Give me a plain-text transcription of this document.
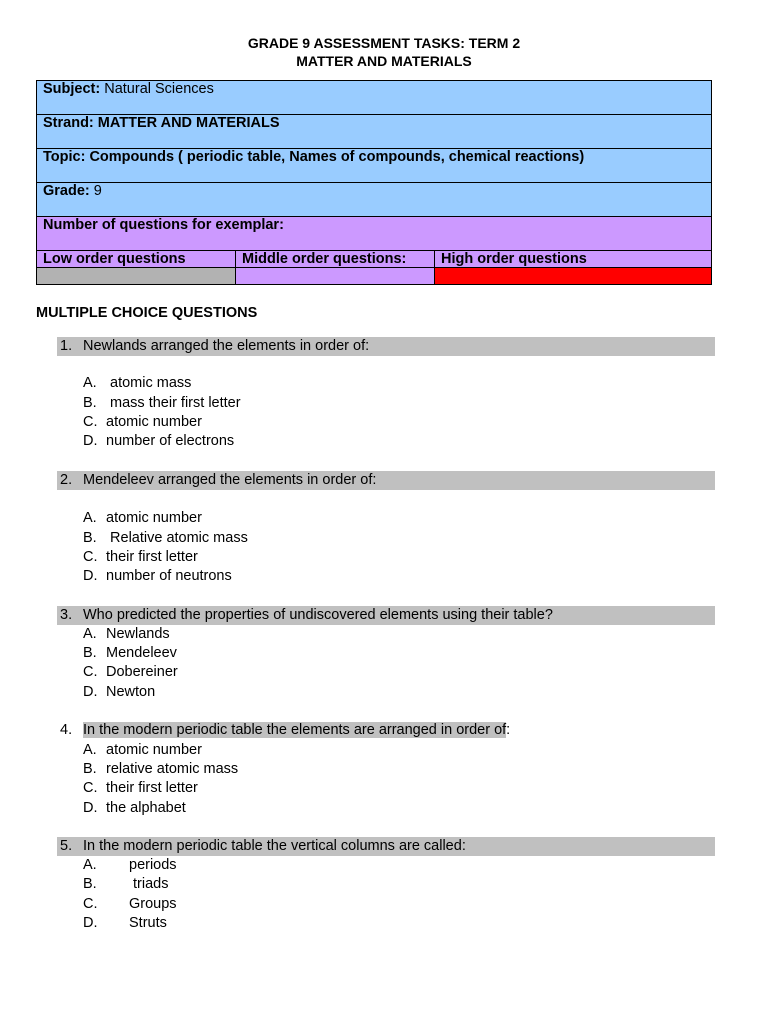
GRADE 9 ASSESSMENT TASKS: TERM 2
MATTER AND MATERIALS
Subject: Natural Sciences		
Strand: MATTER AND MATERIALS		
Topic: Compounds ( periodic table, Names of compounds, chemical reactions)		
Grade: 9		
Number of questions for exemplar:		
Low order questions	Middle order questions:	High order questions

MULTIPLE CHOICE QUESTIONS
1. Newlands arranged the elements in order of:
A. atomic mass
B. mass their first letter
C. atomic number
D. number of electrons
2. Mendeleev arranged the elements in order of:
A. atomic number
B. Relative atomic mass
C. their first letter
D. number of neutrons
3. Who predicted the properties of undiscovered elements using their table?
A. Newlands
B. Mendeleev
C. Dobereiner
D. Newton
4. In the modern periodic table the elements are arranged in order of:
A. atomic number
B. relative atomic mass
C. their first letter
D. the alphabet
5. In the modern periodic table the vertical columns are called:
A. periods
B. triads
C. Groups
D. Struts
